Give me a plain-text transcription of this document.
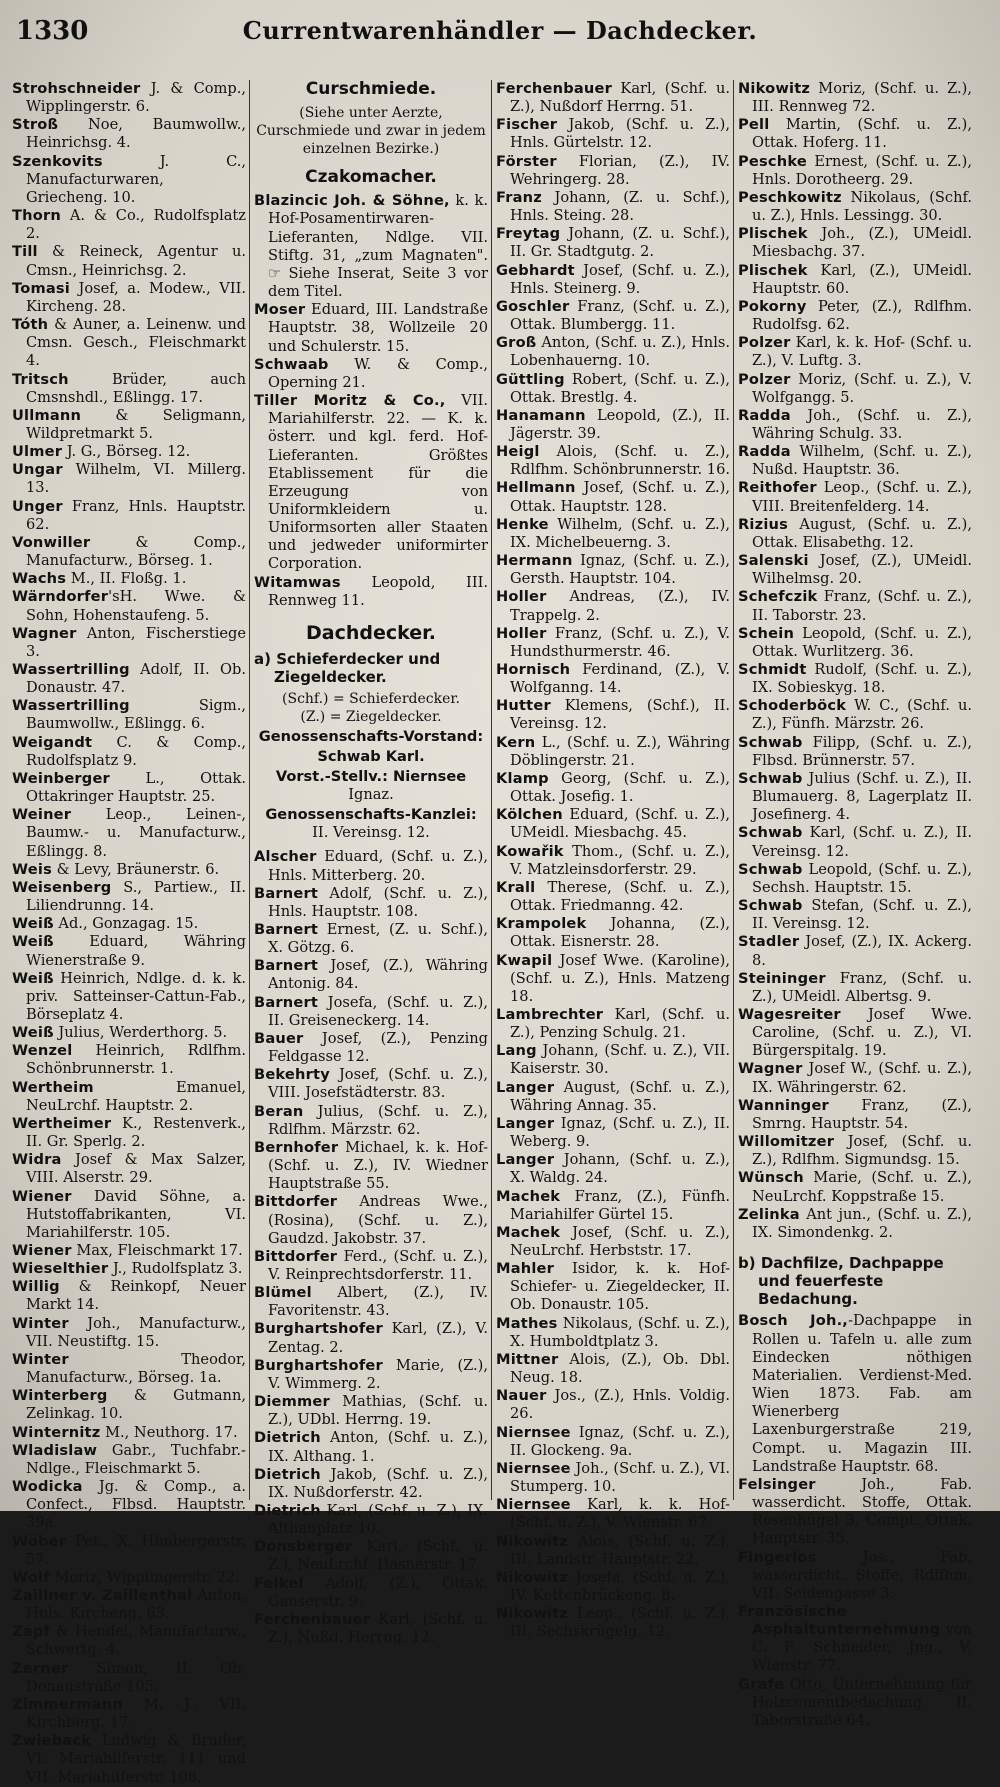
1330	Currentwarenhändler — Dachdecker.

Strohschneider J. & Comp., Wipplingerstr. 6.

Stroß Noe, Baumwollw., Heinrichsg. 4.

Szenkovits J. C., Manufacturwaren, Griecheng. 10.

Thorn A. & Co., Rudolfsplatz 2.

Till & Reineck, Agentur u. Cmsn., Heinrichsg. 2.

Tomasi Josef, a. Modew., VII. Kircheng. 28.

Tóth & Auner, a. Leinenw. und Cmsn. Gesch., Fleischmarkt 4.

Tritsch Brüder, auch Cmsnshdl., Eßlingg. 17.

Ullmann & Seligmann, Wildpretmarkt 5.

Ulmer J. G., Börseg. 12.

Ungar Wilhelm, VI. Millerg. 13.

Unger Franz, Hnls. Hauptstr. 62.

Vonwiller & Comp., Manufacturw., Börseg. 1.

Wachs M., II. Floßg. 1.

Wärndorfer'sH. Wwe. & Sohn, Hohenstaufeng. 5.

Wagner Anton, Fischerstiege 3.

Wassertrilling Adolf, II. Ob. Donaustr. 47.

Wassertrilling Sigm., Baumwollw., Eßlingg. 6.

Weigandt C. & Comp., Rudolfsplatz 9.

Weinberger L., Ottak. Ottakringer Hauptstr. 25.

Weiner Leop., Leinen-, Baumw.- u. Manufacturw., Eßlingg. 8.

Weis & Levy, Bräunerstr. 6.

Weisenberg S., Partiew., II. Liliendrunng. 14.

Weiß Ad., Gonzagag. 15.

Weiß Eduard, Währing Wienerstraße 9.

Weiß Heinrich, Ndlge. d. k. k. priv. Satteinser-Cattun-Fab., Börseplatz 4.

Weiß Julius, Werderthorg. 5.

Wenzel Heinrich, Rdlfhm. Schönbrunnerstr. 1.

Wertheim Emanuel, NeuLrchf. Hauptstr. 2.

Wertheimer K., Restenverk., II. Gr. Sperlg. 2.

Widra Josef & Max Salzer, VIII. Alserstr. 29.

Wiener David Söhne, a. Hutstoffabrikanten, VI. Mariahilferstr. 105.

Wiener Max, Fleischmarkt 17.

Wieselthier J., Rudolfsplatz 3.

Willig & Reinkopf, Neuer Markt 14.

Winter Joh., Manufacturw., VII. Neustiftg. 15.

Winter Theodor, Manufacturw., Börseg. 1a.

Winterberg & Gutmann, Zelinkag. 10.

Winternitz M., Neuthorg. 17.

Wladislaw Gabr., Tuchfabr.-Ndlge., Fleischmarkt 5.

Wodicka Jg. & Comp., a. Confect., Flbsd. Hauptstr. 39a.

Wöber Pet., X. Himbergerstr. 57.

Wolf Moriz, Wipplingerstr. 22.

Zaillner v. Zaillenthal Anton, Hnls. Kircheng. 63.

Zapf & Hendel, Manufacturw., Schwertg. 4.

Zerner Simon, II. Ob. Donaustraße 105.

Zimmermann M. J., VII. Kirchberg. 17.

Zwieback Ludwig & Bruder, VI. Mariahilferstr. 111 und VII. Mariahilferstr. 108.

Curschmiede.

(Siehe unter Aerzte, Curschmiede und zwar in jedem einzelnen Bezirke.)

Czakomacher.

Blazincic Joh. & Söhne, k. k. Hof-Posamentirwaren-Lieferanten, Ndlge. VII. Stiftg. 31, „zum Magnaten". ☞ Siehe Inserat, Seite 3 vor dem Titel.

Moser Eduard, III. Landstraße Hauptstr. 38, Wollzeile 20 und Schulerstr. 15.

Schwaab W. & Comp., Operning 21.

Tiller Moritz & Co., VII. Mariahilferstr. 22. — K. k. österr. und kgl. ferd. Hof-Lieferanten. Größtes Etablissement für die Erzeugung von Uniformkleidern u. Uniformsorten aller Staaten und jedweder uniformirter Corporation.

Witamwas Leopold, III. Rennweg 11.

Dachdecker.
a) Schieferdecker und Ziegeldecker.

(Schf.) = Schieferdecker.

(Z.) = Ziegeldecker.

Genossenschafts-Vorstand:

Schwab Karl.

Vorst.-Stellv.: Niernsee

Ignaz.

Genossenschafts-Kanzlei:

II. Vereinsg. 12.

Alscher Eduard, (Schf. u. Z.), Hnls. Mitterberg. 20.

Barnert Adolf, (Schf. u. Z.), Hnls. Hauptstr. 108.

Barnert Ernest, (Z. u. Schf.), X. Götzg. 6.

Barnert Josef, (Z.), Währing Antonig. 84.

Barnert Josefa, (Schf. u. Z.), II. Greiseneckerg. 14.

Bauer Josef, (Z.), Penzing Feldgasse 12.

Bekehrty Josef, (Schf. u. Z.), VIII. Josefstädterstr. 83.

Beran Julius, (Schf. u. Z.), Rdlfhm. Märzstr. 62.

Bernhofer Michael, k. k. Hof- (Schf. u. Z.), IV. Wiedner Hauptstraße 55.

Bittdorfer Andreas Wwe., (Rosina), (Schf. u. Z.), Gaudzd. Jakobstr. 37.

Bittdorfer Ferd., (Schf. u. Z.), V. Reinprechtsdorferstr. 11.

Blümel Albert, (Z.), IV. Favoritenstr. 43.

Burghartshofer Karl, (Z.), V. Zentag. 2.

Burghartshofer Marie, (Z.), V. Wimmerg. 2.

Diemmer Mathias, (Schf. u. Z.), UDbl. Herrng. 19.

Dietrich Anton, (Schf. u. Z.), IX. Althang. 1.

Dietrich Jakob, (Schf. u. Z.), IX. Nußdorferstr. 42.

Dietrich Karl, (Schf. u. Z.), IX. Althanplatz 10.

Donsberger Karl, (Schf. u. Z.), NeuLrchf. Hasnerstr. 17.

Felkel Adolf, (Z.), Ottak. Ganserstr. 9.

Ferchenbauer Karl, (Schf. u. Z.), Nußd. Herrng. 12.

Ferchenbauer Karl, (Schf. u. Z.), Nußdorf Herrng. 51.

Fischer Jakob, (Schf. u. Z.), Hnls. Gürtelstr. 12.

Förster Florian, (Z.), IV. Wehringerg. 28.

Franz Johann, (Z. u. Schf.), Hnls. Steing. 28.

Freytag Johann, (Z. u. Schf.), II. Gr. Stadtgutg. 2.

Gebhardt Josef, (Schf. u. Z.), Hnls. Steinerg. 9.

Goschler Franz, (Schf. u. Z.), Ottak. Blumbergg. 11.

Groß Anton, (Schf. u. Z.), Hnls. Lobenhauerng. 10.

Güttling Robert, (Schf. u. Z.), Ottak. Brestlg. 4.

Hanamann Leopold, (Z.), II. Jägerstr. 39.

Heigl Alois, (Schf. u. Z.), Rdlfhm. Schönbrunnerstr. 16.

Hellmann Josef, (Schf. u. Z.), Ottak. Hauptstr. 128.

Henke Wilhelm, (Schf. u. Z.), IX. Michelbeuerng. 3.

Hermann Ignaz, (Schf. u. Z.), Gersth. Hauptstr. 104.

Holler Andreas, (Z.), IV. Trappelg. 2.

Holler Franz, (Schf. u. Z.), V. Hundsthurmerstr. 46.

Hornisch Ferdinand, (Z.), V. Wolfganng. 14.

Hutter Klemens, (Schf.), II. Vereinsg. 12.

Kern L., (Schf. u. Z.), Währing Döblingerstr. 21.

Klamp Georg, (Schf. u. Z.), Ottak. Josefig. 1.

Kölchen Eduard, (Schf. u. Z.), UMeidl. Miesbachg. 45.

Kowařik Thom., (Schf. u. Z.), V. Matzleinsdorferstr. 29.

Krall Therese, (Schf. u. Z.), Ottak. Friedmanng. 42.

Krampolek Johanna, (Z.), Ottak. Eisnerstr. 28.

Kwapil Josef Wwe. (Karoline), (Schf. u. Z.), Hnls. Matzeng 18.

Lambrechter Karl, (Schf. u. Z.), Penzing Schulg. 21.

Lang Johann, (Schf. u. Z.), VII. Kaiserstr. 30.

Langer August, (Schf. u. Z.), Währing Annag. 35.

Langer Ignaz, (Schf. u. Z.), II. Weberg. 9.

Langer Johann, (Schf. u. Z.), X. Waldg. 24.

Machek Franz, (Z.), Fünfh. Mariahilfer Gürtel 15.

Machek Josef, (Schf. u. Z.), NeuLrchf. Herbststr. 17.

Mahler Isidor, k. k. Hof-Schiefer- u. Ziegeldecker, II. Ob. Donaustr. 105.

Mathes Nikolaus, (Schf. u. Z.), X. Humboldtplatz 3.

Mittner Alois, (Z.), Ob. Dbl. Neug. 18.

Nauer Jos., (Z.), Hnls. Voldig. 26.

Niernsee Ignaz, (Schf. u. Z.), II. Glockeng. 9a.

Niernsee Joh., (Schf. u. Z.), VI. Stumperg. 10.

Niernsee Karl, k. k. Hof- (Schf. u. Z.), V. Wienstr. 67.

Nikowitz Alois, (Schf. u. Z.), III. Landstr. Hauptstr. 22.

Nikowitz Josefa, (Schf. u. Z.), IV. Kettenbrückeng. 8.

Nikowitz Leop., (Schf. u. Z.), III. Sechskrügelg. 12.

Nikowitz Moriz, (Schf. u. Z.), III. Rennweg 72.

Pell Martin, (Schf. u. Z.), Ottak. Hoferg. 11.

Peschke Ernest, (Schf. u. Z.), Hnls. Dorotheerg. 29.

Peschkowitz Nikolaus, (Schf. u. Z.), Hnls. Lessingg. 30.

Plischek Joh., (Z.), UMeidl. Miesbachg. 37.

Plischek Karl, (Z.), UMeidl. Hauptstr. 60.

Pokorny Peter, (Z.), Rdlfhm. Rudolfsg. 62.

Polzer Karl, k. k. Hof- (Schf. u. Z.), V. Luftg. 3.

Polzer Moriz, (Schf. u. Z.), V. Wolfgangg. 5.

Radda Joh., (Schf. u. Z.), Währing Schulg. 33.

Radda Wilhelm, (Schf. u. Z.), Nußd. Hauptstr. 36.

Reithofer Leop., (Schf. u. Z.), VIII. Breitenfelderg. 14.

Rizius August, (Schf. u. Z.), Ottak. Elisabethg. 12.

Salenski Josef, (Z.), UMeidl. Wilhelmsg. 20.

Schefczik Franz, (Schf. u. Z.), II. Taborstr. 23.

Schein Leopold, (Schf. u. Z.), Ottak. Wurlitzerg. 36.

Schmidt Rudolf, (Schf. u. Z.), IX. Sobieskyg. 18.

Schoderböck W. C., (Schf. u. Z.), Fünfh. Märzstr. 26.

Schwab Filipp, (Schf. u. Z.), Flbsd. Brünnerstr. 57.

Schwab Julius (Schf. u. Z.), II. Blumauerg. 8, Lagerplatz II. Josefinerg. 4.

Schwab Karl, (Schf. u. Z.), II. Vereinsg. 12.

Schwab Leopold, (Schf. u. Z.), Sechsh. Hauptstr. 15.

Schwab Stefan, (Schf. u. Z.), II. Vereinsg. 12.

Stadler Josef, (Z.), IX. Ackerg. 8.

Steininger Franz, (Schf. u. Z.), UMeidl. Albertsg. 9.

Wagesreiter Josef Wwe. Caroline, (Schf. u. Z.), VI. Bürgerspitalg. 19.

Wagner Josef W., (Schf. u. Z.), IX. Währingerstr. 62.

Wanninger Franz, (Z.), Smrng. Hauptstr. 54.

Willomitzer Josef, (Schf. u. Z.), Rdlfhm. Sigmundsg. 15.

Wünsch Marie, (Schf. u. Z.), NeuLrchf. Koppstraße 15.

Zelinka Ant jun., (Schf. u. Z.), IX. Simondenkg. 2.

b) Dachfilze, Dachpappe und feuerfeste Bedachung.

Bosch Joh.,-Dachpappe in Rollen u. Tafeln u. alle zum Eindecken nöthigen Materialien. Verdienst-Med. Wien 1873. Fab. am Wienerberg Laxenburgerstraße 219, Compt. u. Magazin III. Landstraße Hauptstr. 68.

Felsinger Joh., Fab. wasserdicht. Stoffe, Ottak. Rosenhügel 3, Compt. Ottak. Hauptstr. 35.

Fingerlos Jos., Fab. wasserdicht. Stoffe, Rdlfhm. VII. Seidengasse 3.

Französische Asphaltunternehmung von C. F. Schneider, Jng., V. Wienstr. 77.

Grafe Otto, Unternehmung für Holzcementbedachung II. Taborstraße 64.
